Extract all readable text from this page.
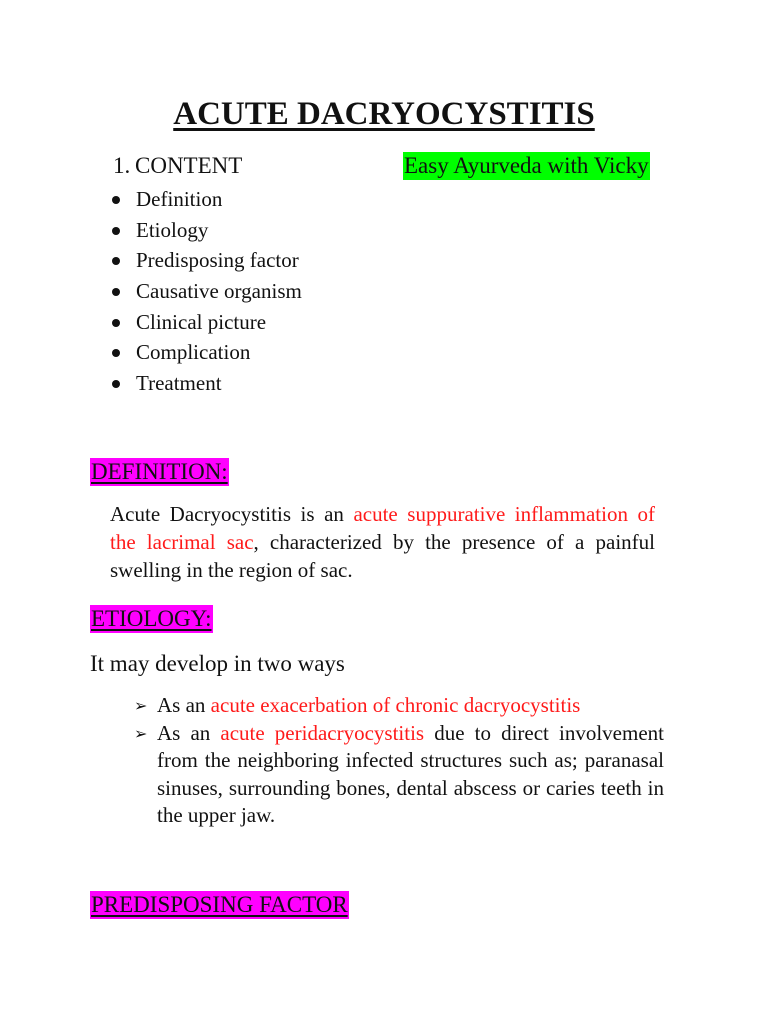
ACUTE DACRYOCYSTITIS
1. CONTENT	Easy Ayurveda with Vicky
Definition
Etiology
Predisposing factor
Causative organism
Clinical picture
Complication
Treatment
DEFINITION:

Acute Dacryocystitis is an acute suppurative inflammation of the lacrimal sac, characterized by the presence of a painful swelling in the region of sac.

ETIOLOGY:

It may develop in two ways

➢ As an acute exacerbation of chronic dacryocystitis
➢ As an acute peridacryocystitis due to direct involvement from the neighboring infected structures such as; paranasal sinuses, surrounding bones, dental abscess or caries teeth in the upper jaw.
PREDISPOSING FACTOR
